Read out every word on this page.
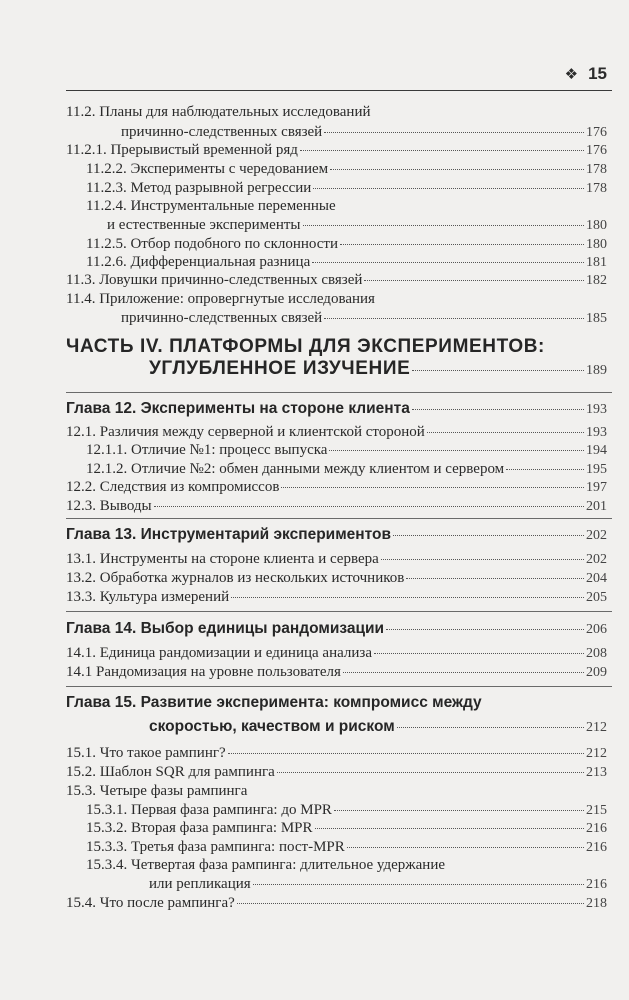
❖ 15
11.2. Планы для наблюдательных исследований
причинно-следственных связей	176
11.2.1. Прерывистый временной ряд	176
11.2.2. Эксперименты с чередованием	178
11.2.3. Метод разрывной регрессии	178
11.2.4. Инструментальные переменные
и естественные эксперименты	180
11.2.5. Отбор подобного по склонности	180
11.2.6. Дифференциальная разница	181
11.3. Ловушки причинно-следственных связей	182
11.4. Приложение: опровергнутые исследования
причинно-следственных связей	185
ЧАСТЬ IV. ПЛАТФОРМЫ ДЛЯ ЭКСПЕРИМЕНТОВ:
УГЛУБЛЕННОЕ ИЗУЧЕНИЕ	189
Глава 12. Эксперименты на стороне клиента	193
12.1. Различия между серверной и клиентской стороной	193
12.1.1. Отличие №1: процесс выпуска	194
12.1.2. Отличие №2: обмен данными между клиентом и сервером	195
12.2. Следствия из компромиссов	197
12.3. Выводы	201
Глава 13. Инструментарий экспериментов	202
13.1. Инструменты на стороне клиента и сервера	202
13.2. Обработка журналов из нескольких источников	204
13.3. Культура измерений	205
Глава 14. Выбор единицы рандомизации	206
14.1. Единица рандомизации и единица анализа	208
14.1 Рандомизация на уровне пользователя	209
Глава 15. Развитие эксперимента: компромисс между
скоростью, качеством и риском	212
15.1. Что такое рампинг?	212
15.2. Шаблон SQR для рампинга	213
15.3. Четыре фазы рампинга
15.3.1. Первая фаза рампинга: до MPR	215
15.3.2. Вторая фаза рампинга: MPR	216
15.3.3. Третья фаза рампинга: пост-MPR	216
15.3.4. Четвертая фаза рампинга: длительное удержание
или репликация	216
15.4. Что после рампинга?	218
